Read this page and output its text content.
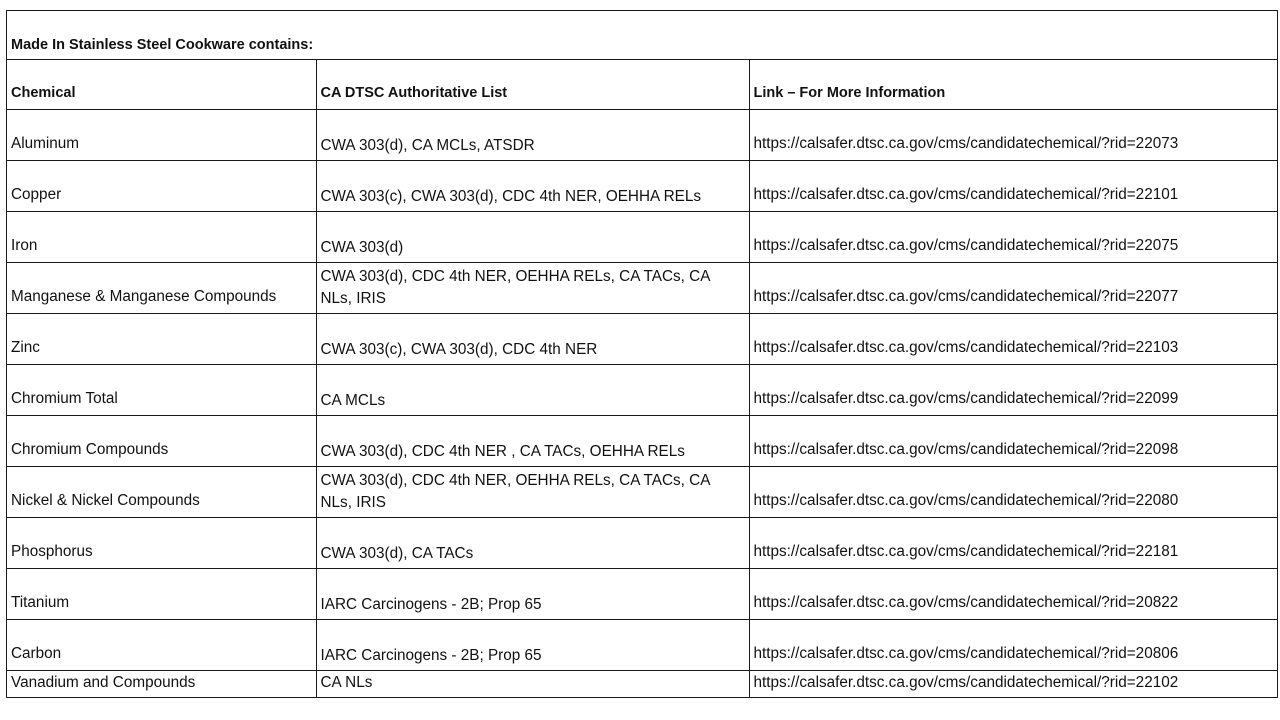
Made In Stainless Steel Cookware contains:
Chemical	CA DTSC Authoritative List	Link – For More Information
Aluminum	CWA 303(d), CA MCLs, ATSDR	https://calsafer.dtsc.ca.gov/cms/candidatechemical/?rid=22073
Copper	CWA 303(c), CWA 303(d), CDC 4th NER, OEHHA RELs	https://calsafer.dtsc.ca.gov/cms/candidatechemical/?rid=22101
Iron	CWA 303(d)	https://calsafer.dtsc.ca.gov/cms/candidatechemical/?rid=22075
Manganese & Manganese Compounds	CWA 303(d), CDC 4th NER, OEHHA RELs, CA TACs, CA NLs, IRIS	https://calsafer.dtsc.ca.gov/cms/candidatechemical/?rid=22077
Zinc	CWA 303(c), CWA 303(d), CDC 4th NER	https://calsafer.dtsc.ca.gov/cms/candidatechemical/?rid=22103
Chromium Total	CA MCLs	https://calsafer.dtsc.ca.gov/cms/candidatechemical/?rid=22099
Chromium Compounds	CWA 303(d), CDC 4th NER , CA TACs, OEHHA RELs	https://calsafer.dtsc.ca.gov/cms/candidatechemical/?rid=22098
Nickel & Nickel Compounds	CWA 303(d), CDC 4th NER, OEHHA RELs, CA TACs, CA NLs, IRIS	https://calsafer.dtsc.ca.gov/cms/candidatechemical/?rid=22080
Phosphorus	CWA 303(d), CA TACs	https://calsafer.dtsc.ca.gov/cms/candidatechemical/?rid=22181
Titanium	IARC Carcinogens - 2B; Prop 65	https://calsafer.dtsc.ca.gov/cms/candidatechemical/?rid=20822
Carbon	IARC Carcinogens - 2B; Prop 65	https://calsafer.dtsc.ca.gov/cms/candidatechemical/?rid=20806
Vanadium and Compounds	CA NLs	https://calsafer.dtsc.ca.gov/cms/candidatechemical/?rid=22102
